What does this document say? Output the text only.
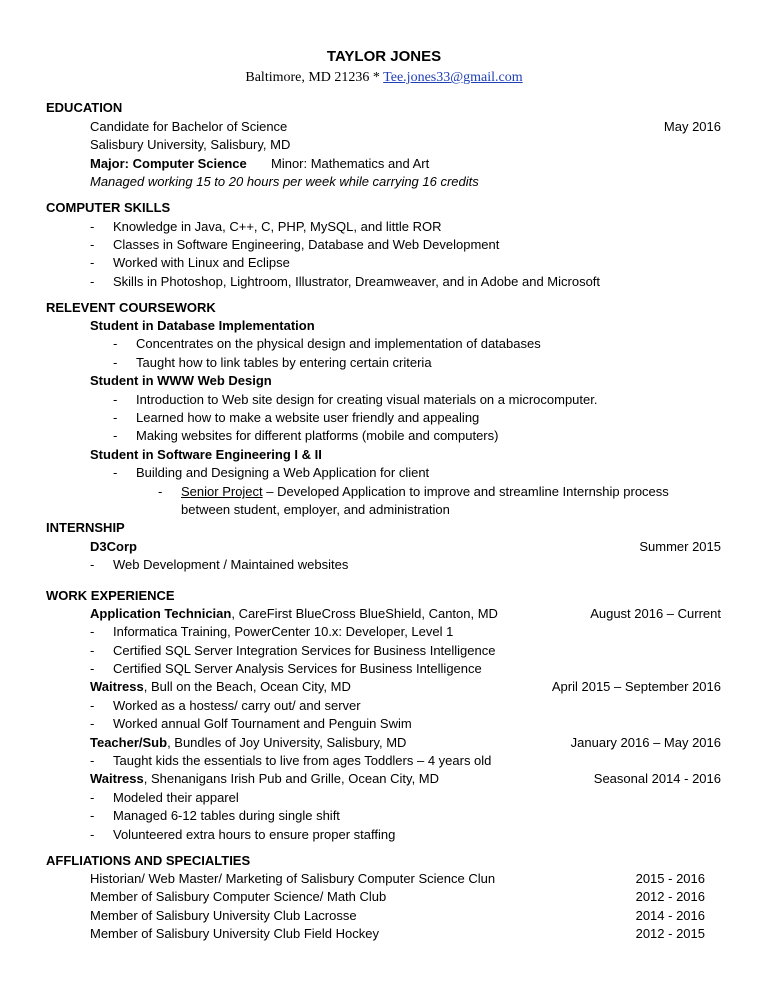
TAYLOR JONES
Baltimore, MD 21236 * Tee.jones33@gmail.com
EDUCATION
Candidate for Bachelor of Science	May 2016
Salisbury University, Salisbury, MD
Major: Computer Science Minor: Mathematics and Art
Managed working 15 to 20 hours per week while carrying 16 credits
COMPUTER SKILLS
- Knowledge in Java, C++, C, PHP, MySQL, and little ROR
- Classes in Software Engineering, Database and Web Development
- Worked with Linux and Eclipse
- Skills in Photoshop, Lightroom, Illustrator, Dreamweaver, and in Adobe and Microsoft
RELEVENT COURSEWORK
Student in Database Implementation
- Concentrates on the physical design and implementation of databases
- Taught how to link tables by entering certain criteria
Student in WWW Web Design
- Introduction to Web site design for creating visual materials on a microcomputer.
- Learned how to make a website user friendly and appealing
- Making websites for different platforms (mobile and computers)
Student in Software Engineering I & II
- Building and Designing a Web Application for client
- Senior Project – Developed Application to improve and streamline Internship process
between student, employer, and administration
INTERNSHIP
D3Corp	Summer 2015
- Web Development / Maintained websites
WORK EXPERIENCE
Application Technician, CareFirst BlueCross BlueShield, Canton, MD	August 2016 – Current
- Informatica Training, PowerCenter 10.x: Developer, Level 1
- Certified SQL Server Integration Services for Business Intelligence
- Certified SQL Server Analysis Services for Business Intelligence
Waitress, Bull on the Beach, Ocean City, MD	April 2015 – September 2016
- Worked as a hostess/ carry out/ and server
- Worked annual Golf Tournament and Penguin Swim
Teacher/Sub, Bundles of Joy University, Salisbury, MD	January 2016 – May 2016
- Taught kids the essentials to live from ages Toddlers – 4 years old
Waitress, Shenanigans Irish Pub and Grille, Ocean City, MD	Seasonal 2014 - 2016
- Modeled their apparel
- Managed 6-12 tables during single shift
- Volunteered extra hours to ensure proper staffing
AFFLIATIONS AND SPECIALTIES
Historian/ Web Master/ Marketing of Salisbury Computer Science Clun	2015 - 2016
Member of Salisbury Computer Science/ Math Club	2012 - 2016
Member of Salisbury University Club Lacrosse	2014 - 2016
Member of Salisbury University Club Field Hockey	2012 - 2015
